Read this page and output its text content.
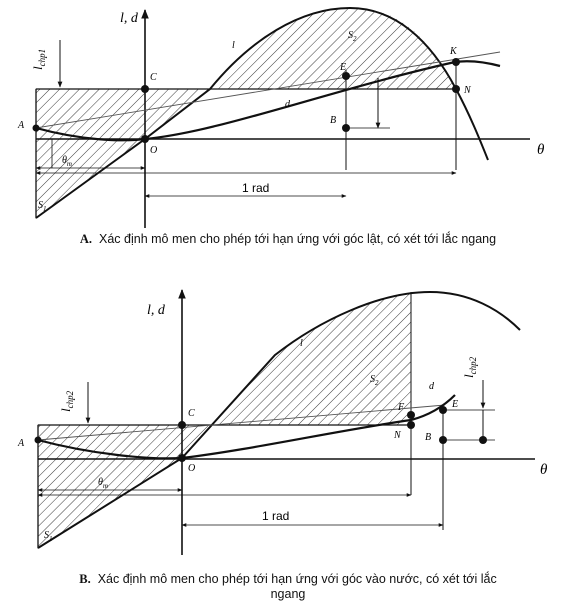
l, d
θ
A
O
C
E
B
K
N
l
d
$S_2$
$S_1$
$\theta_m$
1 rad
$l_{chp1}$
l, d
θ
A
O
C
F
N B
E
l
d
$S_2$
$S_1$
$\theta_m$
1 rad
$l_{chp2}$
$l_{chp2}$
A. Xác định mô men cho phép tới hạn ứng với góc lật, có xét tới lắc ngang
B. Xác định mô men cho phép tới hạn ứng với góc vào nước, có xét tới lắc
ngang
